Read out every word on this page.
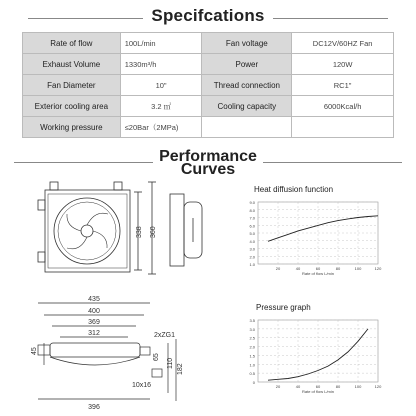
Specifcations
Rate of flow	100L/min	Fan voltage	DC12V/60HZ Fan
Exhaust Volume	1330m³/h	Power	120W
Fan Diameter	10"	Thread connection	RC1"
Exterior cooling area	3.2 ㎡	Cooling capacity	6000Kcal/h
Working pressure	≤20Bar（2MPa)		
Performance
Curves
338 360
435
400
369
312
45
2xZG1
65
110 182
10x16
396
Heat diffusion function
9.0
8.0
7.0
6.0
5.0
4.0
3.0
2.0
1.0
20	40	60	80	100	120
Rate of flow L/min
Pressure graph
3.5
3.0
2.5
2.0
1.5
1.0
0.5
0
20	40	60	80	100	120
Rate of flow L/min
